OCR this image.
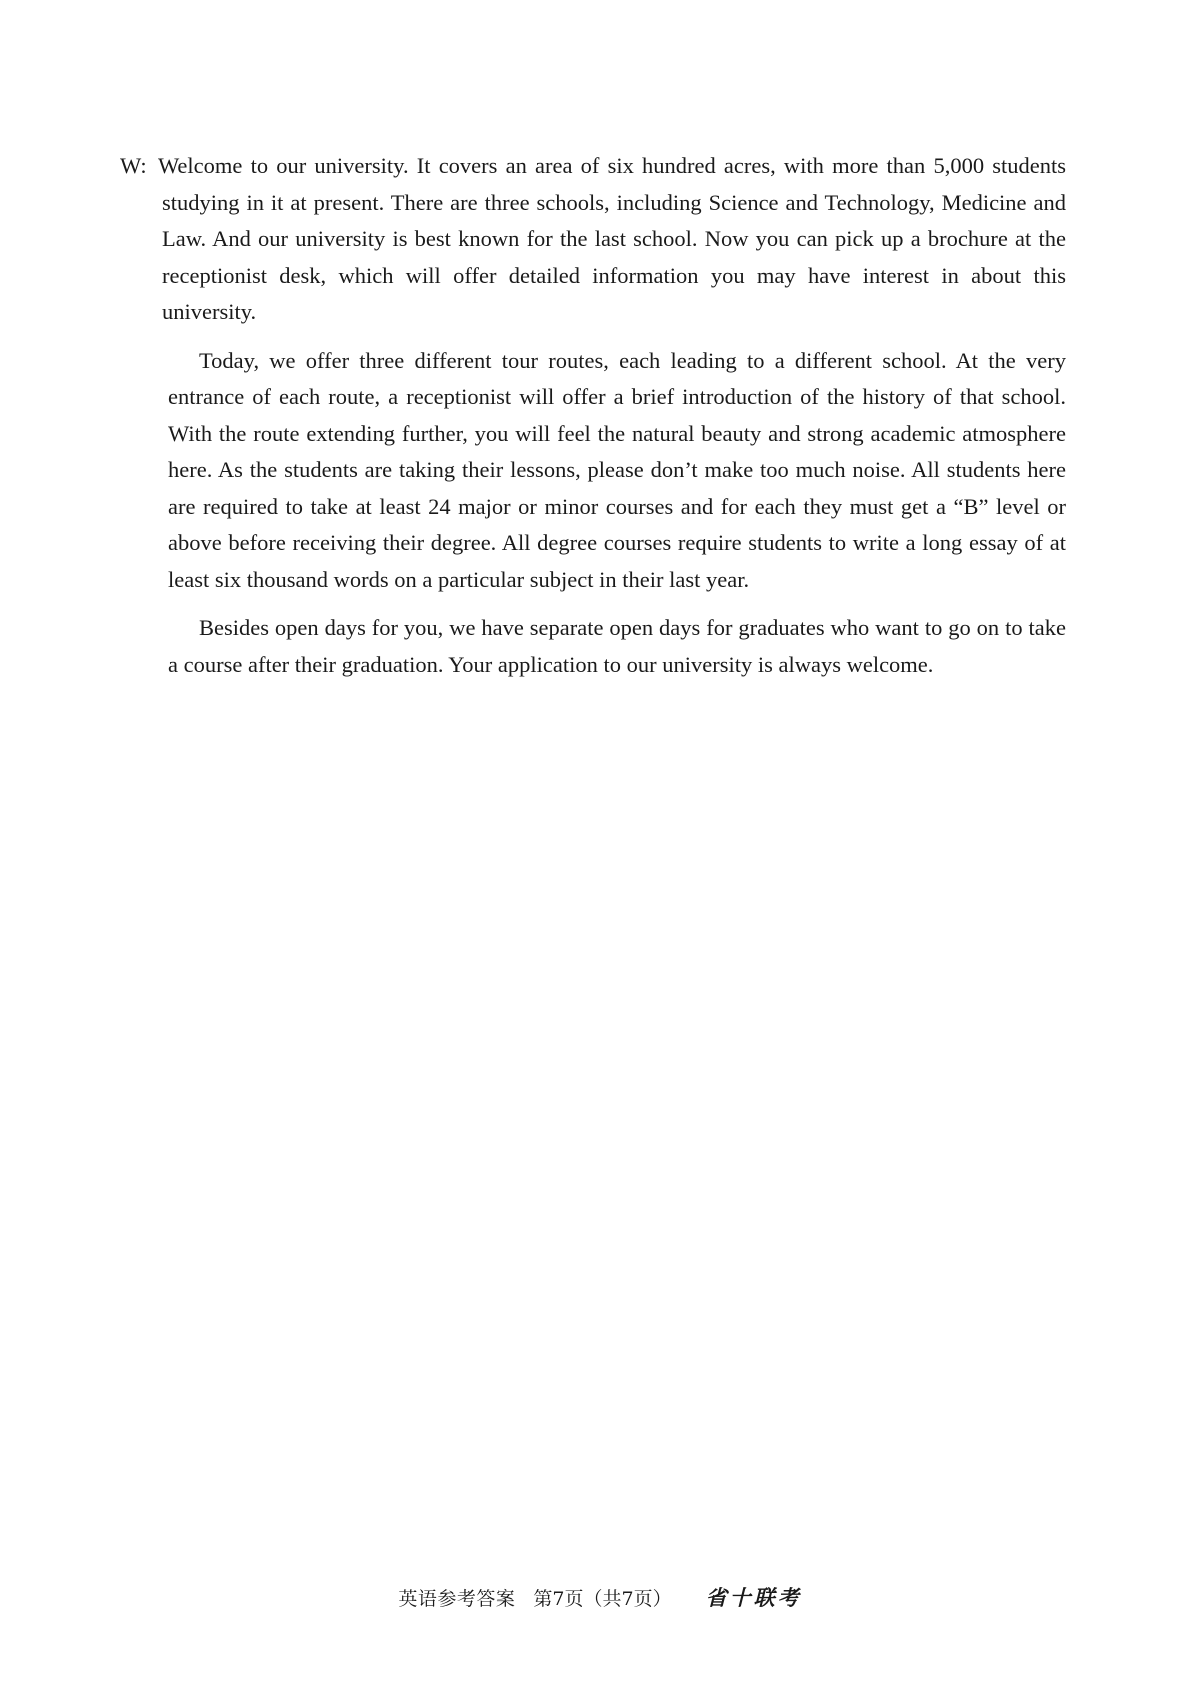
W: Welcome to our university. It covers an area of six hundred acres, with more than 5,000 students studying in it at present. There are three schools, including Science and Technology, Medicine and Law. And our university is best known for the last school. Now you can pick up a brochure at the receptionist desk, which will offer detailed information you may have interest in about this university.

Today, we offer three different tour routes, each leading to a different school. At the very entrance of each route, a receptionist will offer a brief introduction of the history of that school. With the route extending further, you will feel the natural beauty and strong academic atmosphere here. As the students are taking their lessons, please don’t make too much noise. All students here are required to take at least 24 major or minor courses and for each they must get a “B” level or above before receiving their degree. All degree courses require students to write a long essay of at least six thousand words on a particular subject in their last year.

Besides open days for you, we have separate open days for graduates who want to go on to take a course after their graduation. Your application to our university is always welcome.

英语参考答案 第7页（共7页） 省十联考
